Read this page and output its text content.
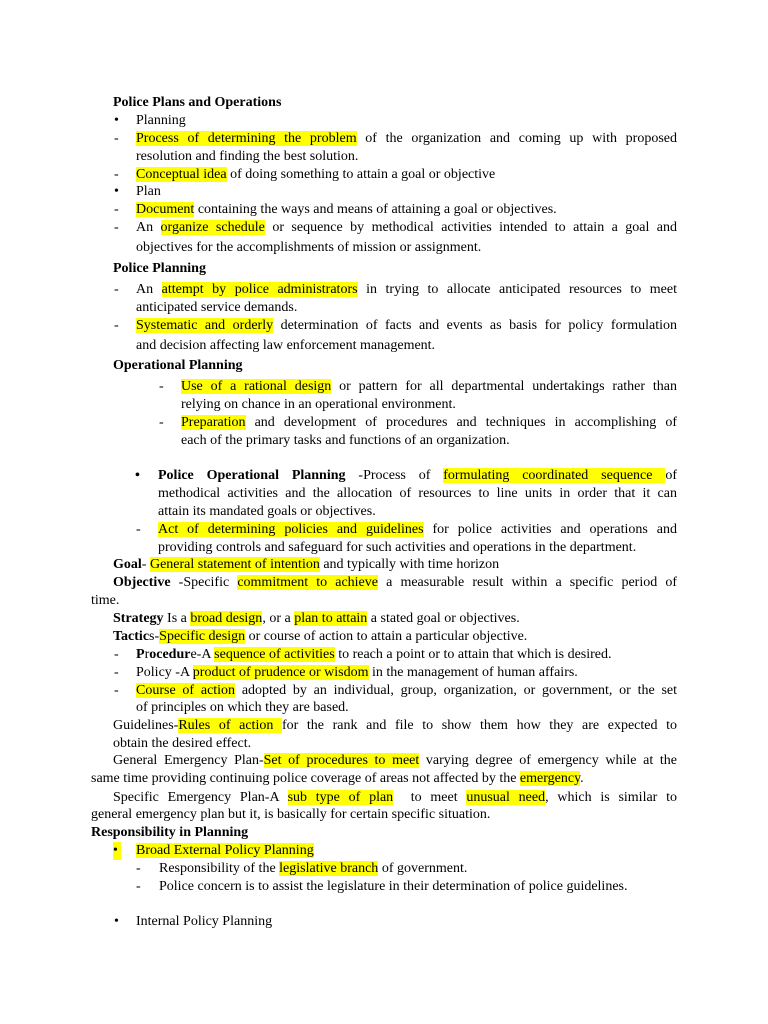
Police Plans and Operations
• Planning
- Process of determining the problem of the organization and coming up with proposed
resolution and finding the best solution.
- Conceptual idea of doing something to attain a goal or objective
• Plan
- Document containing the ways and means of attaining a goal or objectives.
- An organize schedule or sequence by methodical activities intended to attain a goal and
objectives for the accomplishments of mission or assignment.
Police Planning
- An attempt by police administrators in trying to allocate anticipated resources to meet
anticipated service demands.
- Systematic and orderly determination of facts and events as basis for policy formulation
and decision affecting law enforcement management.
Operational Planning
- Use of a rational design or pattern for all departmental undertakings rather than
relying on chance in an operational environment.
- Preparation and development of procedures and techniques in accomplishing of
each of the primary tasks and functions of an organization.
• Police Operational Planning -Process of formulating coordinated sequence of
methodical activities and the allocation of resources to line units in order that it can
attain its mandated goals or objectives.
- Act of determining policies and guidelines for police activities and operations and
providing controls and safeguard for such activities and operations in the department.
Goal- General statement of intention and typically with time horizon
Objective -Specific commitment to achieve a measurable result within a specific period of
time.
Strategy Is a broad design, or a plan to attain a stated goal or objectives.
Tactics-Specific design or course of action to attain a particular objective.
- Procedure-A sequence of activities to reach a point or to attain that which is desired.
- Policy -A product of prudence or wisdom in the management of human affairs.
- Course of action adopted by an individual, group, organization, or government, or the set
of principles on which they are based.
Guidelines-Rules of action for the rank and file to show them how they are expected to
obtain the desired effect.
General Emergency Plan-Set of procedures to meet varying degree of emergency while at the
same time providing continuing police coverage of areas not affected by the emergency.
Specific Emergency Plan-A sub type of plan  to meet unusual need, which is similar to
general emergency plan but it, is basically for certain specific situation.
Responsibility in Planning
• Broad External Policy Planning
- Responsibility of the legislative branch of government.
- Police concern is to assist the legislature in their determination of police guidelines.
• Internal Policy Planning
